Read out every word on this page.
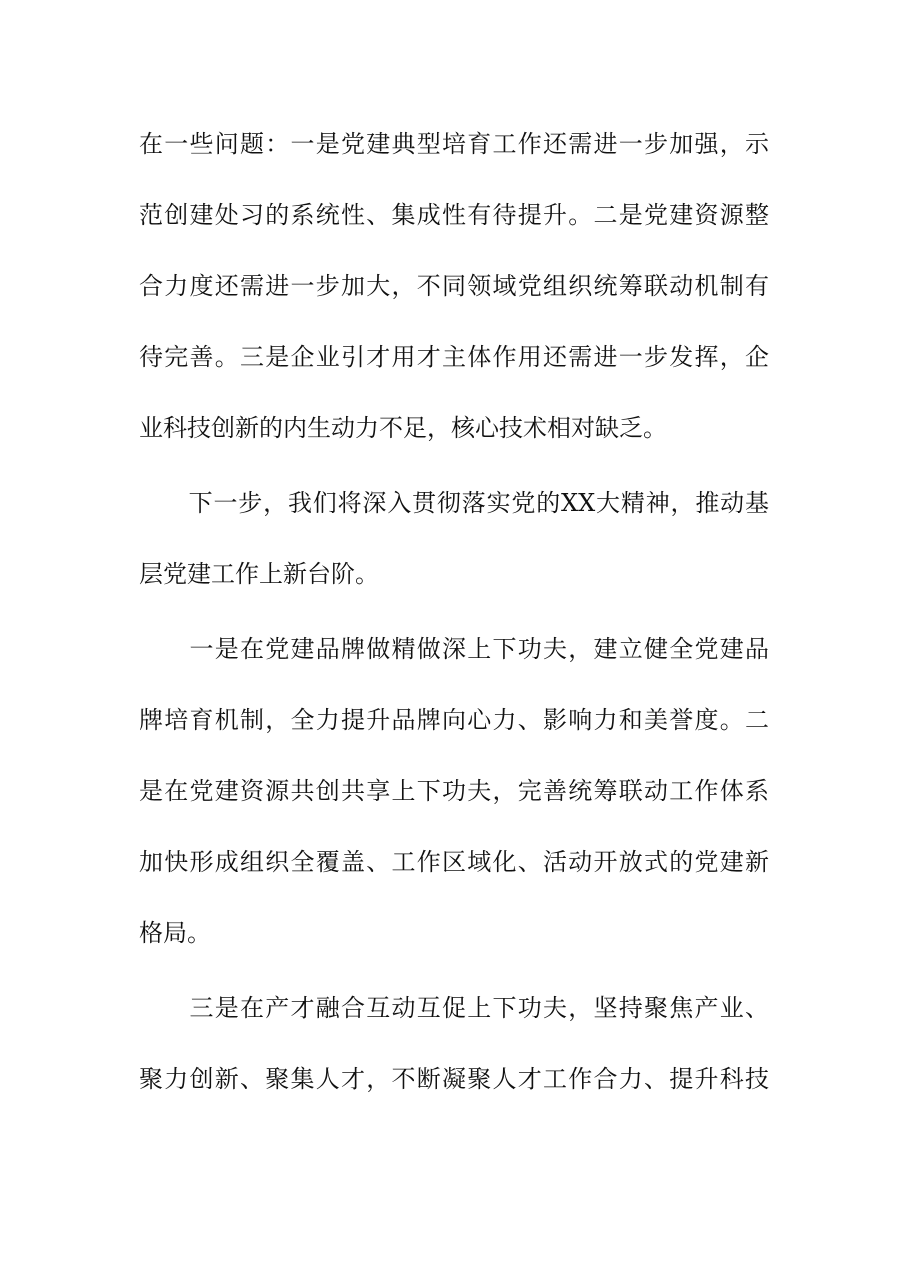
在一些问题：一是党建典型培育工作还需进一步加强，示
范创建处习的系统性、集成性有待提升。二是党建资源整
合力度还需进一步加大，不同领域党组织统筹联动机制有
待完善。三是企业引才用才主体作用还需进一步发挥，企
业科技创新的内生动力不足，核心技术相对缺乏。
　　下一步，我们将深入贯彻落实党的XX大精神，推动基
层党建工作上新台阶。
　　一是在党建品牌做精做深上下功夫，建立健全党建品
牌培育机制，全力提升品牌向心力、影响力和美誉度。二
是在党建资源共创共享上下功夫，完善统筹联动工作体系
加快形成组织全覆盖、工作区域化、活动开放式的党建新
格局。
　　三是在产才融合互动互促上下功夫，坚持聚焦产业、
聚力创新、聚集人才，不断凝聚人才工作合力、提升科技
